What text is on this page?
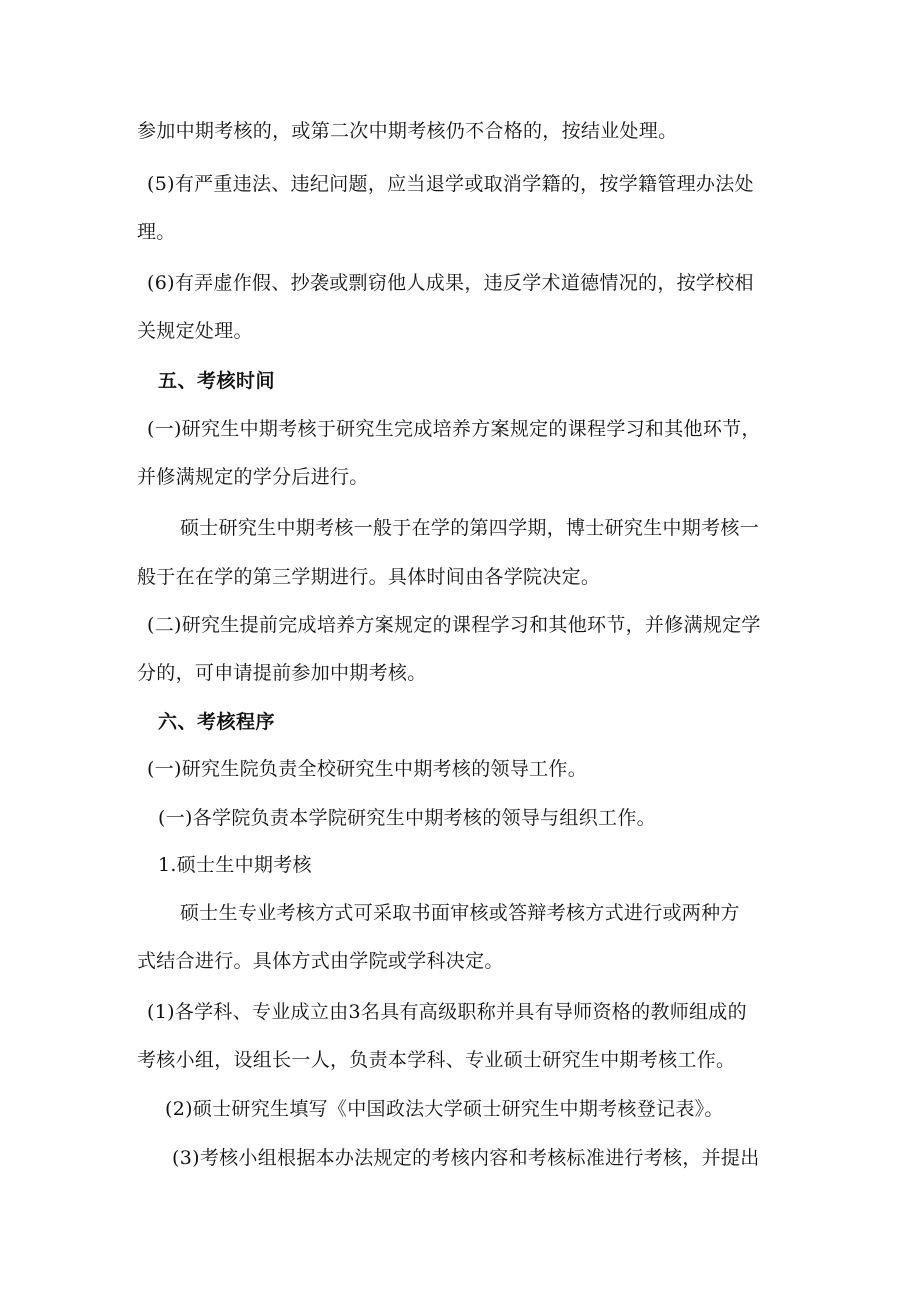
参加中期考核的，或第二次中期考核仍不合格的，按结业处理。

(5)有严重违法、违纪问题，应当退学或取消学籍的，按学籍管理办法处

理。

(6)有弄虚作假、抄袭或剽窃他人成果，违反学术道德情况的，按学校相

关规定处理。

五、考核时间

(一)研究生中期考核于研究生完成培养方案规定的课程学习和其他环节，

并修满规定的学分后进行。

硕士研究生中期考核一般于在学的第四学期，博士研究生中期考核一

般于在在学的第三学期进行。具体时间由各学院决定。

(二)研究生提前完成培养方案规定的课程学习和其他环节，并修满规定学

分的，可申请提前参加中期考核。

六、考核程序

(一)研究生院负责全校研究生中期考核的领导工作。

(一)各学院负责本学院研究生中期考核的领导与组织工作。

1.硕士生中期考核

硕士生专业考核方式可采取书面审核或答辩考核方式进行或两种方

式结合进行。具体方式由学院或学科决定。

(1)各学科、专业成立由3名具有高级职称并具有导师资格的教师组成的

考核小组，设组长一人，负责本学科、专业硕士研究生中期考核工作。

(2)硕士研究生填写《中国政法大学硕士研究生中期考核登记表》。

(3)考核小组根据本办法规定的考核内容和考核标准进行考核，并提出
